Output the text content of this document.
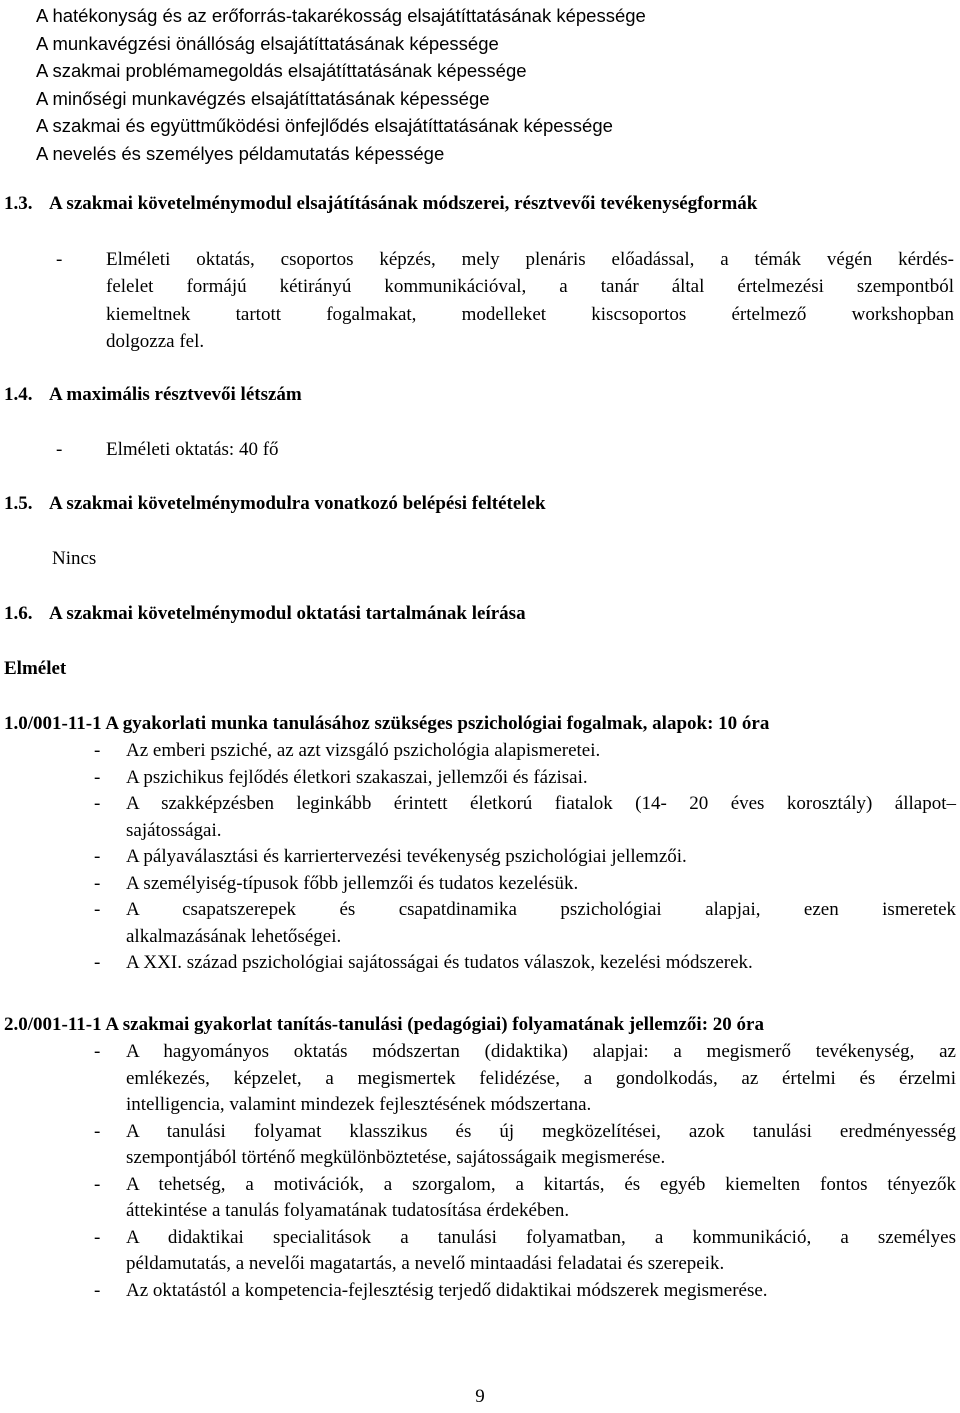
A hatékonyság és az erőforrás-takarékosság elsajátíttatásának képessége
A munkavégzési önállóság elsajátíttatásának képessége
A szakmai problémamegoldás elsajátíttatásának képessége
A minőségi munkavégzés elsajátíttatásának képessége
A szakmai és együttműködési önfejlődés elsajátíttatásának képessége
A nevelés és személyes példamutatás képessége
1.3. A szakmai követelménymodul elsajátításának módszerei, résztvevői tevékenységformák
- Elméleti oktatás, csoportos képzés, mely plenáris előadással, a témák végén kérdés-
felelet formájú kétirányú kommunikációval, a tanár által értelmezési szempontból
kiemeltnek tartott fogalmakat, modelleket kiscsoportos értelmező workshopban
dolgozza fel.
1.4. A maximális résztvevői létszám
- Elméleti oktatás: 40 fő
1.5. A szakmai követelménymodulra vonatkozó belépési feltételek
Nincs
1.6. A szakmai követelménymodul oktatási tartalmának leírása
Elmélet
1.0/001-11-1 A gyakorlati munka tanulásához szükséges pszichológiai fogalmak, alapok: 10 óra
- Az emberi psziché, az azt vizsgáló pszichológia alapismeretei.
- A pszichikus fejlődés életkori szakaszai, jellemzői és fázisai.
- A szakképzésben leginkább érintett életkorú fiatalok (14- 20 éves korosztály) állapot–
sajátosságai.
- A pályaválasztási és karriertervezési tevékenység pszichológiai jellemzői.
- A személyiség-típusok főbb jellemzői és tudatos kezelésük.
- A csapatszerepek és csapatdinamika pszichológiai alapjai, ezen ismeretek
alkalmazásának lehetőségei.
- A XXI. század pszichológiai sajátosságai és tudatos válaszok, kezelési módszerek.
2.0/001-11-1 A szakmai gyakorlat tanítás-tanulási (pedagógiai) folyamatának jellemzői: 20 óra
- A hagyományos oktatás módszertan (didaktika) alapjai: a megismerő tevékenység, az
emlékezés, képzelet, a megismertek felidézése, a gondolkodás, az értelmi és érzelmi
intelligencia, valamint mindezek fejlesztésének módszertana.
- A tanulási folyamat klasszikus és új megközelítései, azok tanulási eredményesség
szempontjából történő megkülönböztetése, sajátosságaik megismerése.
- A tehetség, a motivációk, a szorgalom, a kitartás, és egyéb kiemelten fontos tényezők
áttekintése a tanulás folyamatának tudatosítása érdekében.
- A didaktikai specialitások a tanulási folyamatban, a kommunikáció, a személyes
példamutatás, a nevelői magatartás, a nevelő mintaadási feladatai és szerepeik.
- Az oktatástól a kompetencia-fejlesztésig terjedő didaktikai módszerek megismerése.
9
